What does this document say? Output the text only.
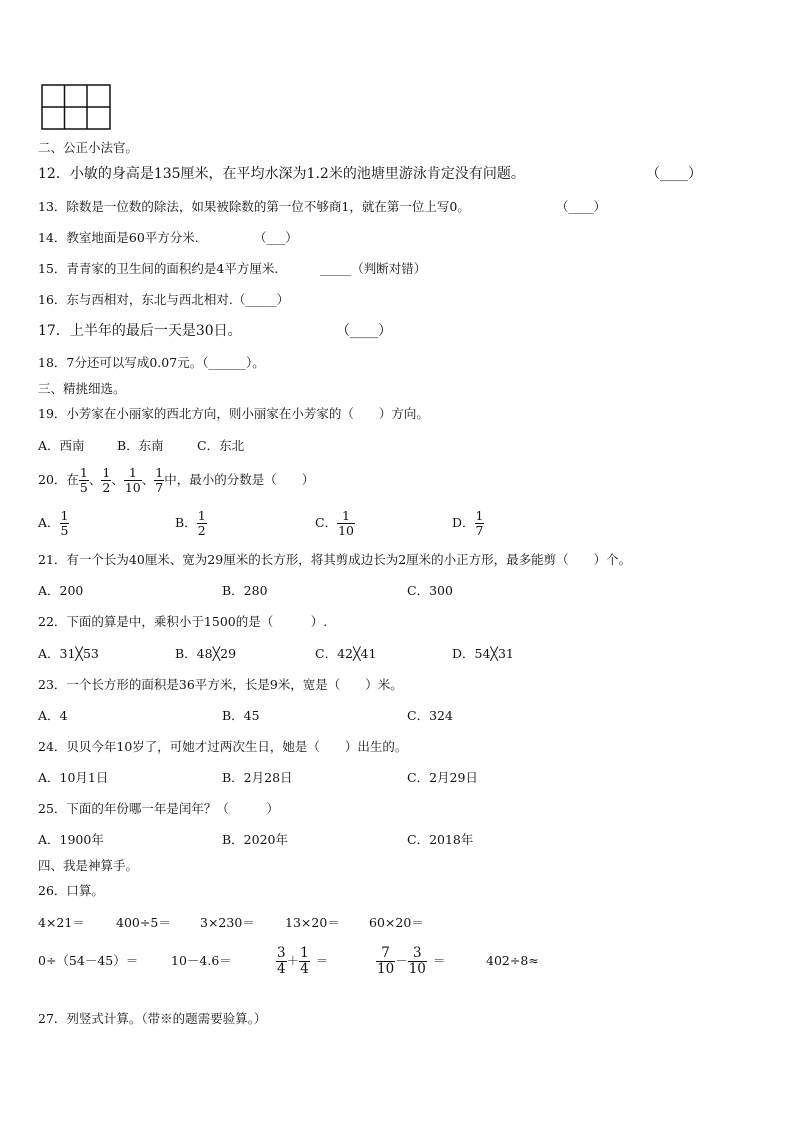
二、公正小法官。
12．小敏的身高是135厘米，在平均水深为1.2米的池塘里游泳肯定没有问题。	（____）
13．除数是一位数的除法，如果被除数的第一位不够商1，就在第一位上写0。	（____）
14．教室地面是60平方分米.	（___）
15．青青家的卫生间的面积约是4平方厘米.	_____（判断对错）
16．东与西相对，东北与西北相对.（_____）
17．上半年的最后一天是30日。	（____）
18．7分还可以写成0.07元。（______）。
三、精挑细选。
19．小芳家在小丽家的西北方向，则小丽家在小芳家的（　　）方向。
A．西南	B．东南	C．东北
20． 在 $\frac{1}{5}$ 、 $\frac{1}{2}$ 、 $\frac{1}{10}$ 、 $\frac{1}{7}$ 中，最小的分数是（　　）
A． $\frac{1}{5}$	B． $\frac{1}{2}$	C． $\frac{1}{10}$	D． $\frac{1}{7}$
21．有一个长为40厘米、宽为29厘米的长方形，将其剪成边长为2厘米的小正方形，最多能剪（　　）个。
A．200	B．280	C．300
22．下面的算是中，乘积小于1500的是（　　　）.
A．31╳53	B．48╳29	C．42╳41	D．54╳31
23．一个长方形的面积是36平方米，长是9米，宽是（　　）米。
A．4	B．45	C．324
24．贝贝今年10岁了，可她才过两次生日，她是（　　）出生的。
A．10月1日	B．2月28日	C．2月29日
25．下面的年份哪一年是闰年？（　　　）
A．1900年	B．2020年	C．2018年
四、我是神算手。
26．口算。
4×21＝ 400÷5＝ 3×230＝ 13×20＝ 60×20＝
0÷（54－45）＝	10－4.6＝	$\frac{3}{4} + \frac{1}{4}$ ＝	$\frac{7}{10} - \frac{3}{10}$ ＝	402÷8≈
27．列竖式计算。（带※的题需要验算。）
